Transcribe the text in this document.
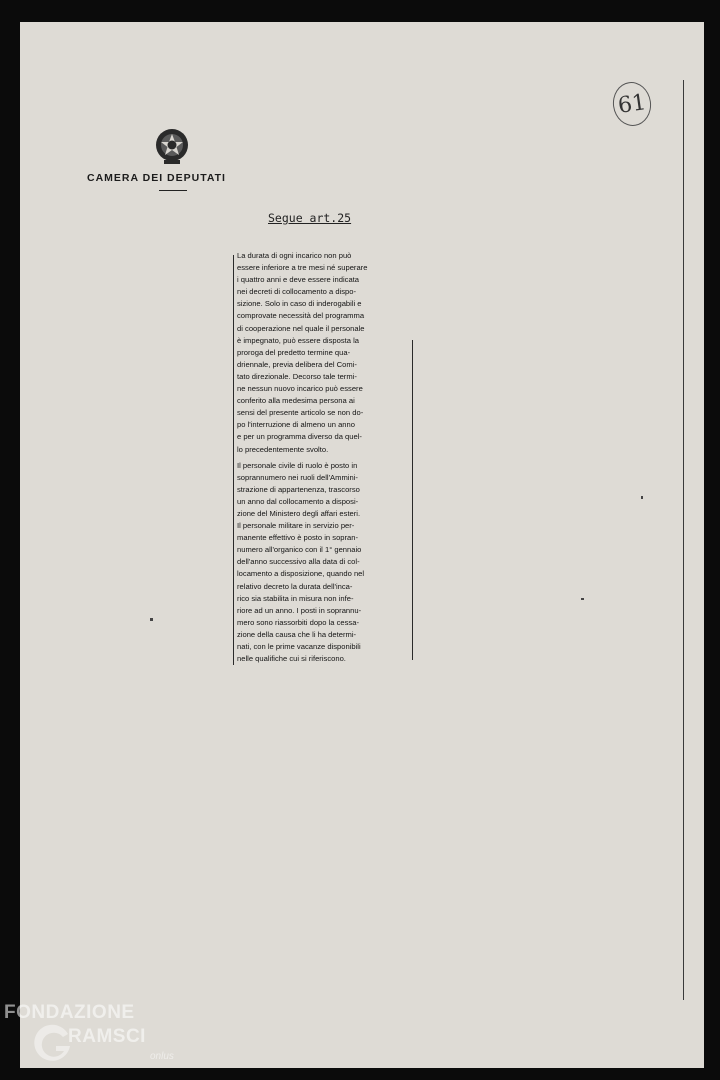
61
CAMERA DEI DEPUTATI
Segue art.25

La durata di ogni incarico non può
essere inferiore a tre mesi né superare
i quattro anni e deve essere indicata
nei decreti di collocamento a dispo-
sizione. Solo in caso di inderogabili e
comprovate necessità del programma
di cooperazione nel quale il personale
è impegnato, può essere disposta la
proroga del predetto termine qua-
driennale, previa delibera del Comi-
tato direzionale. Decorso tale termi-
ne nessun nuovo incarico può essere
conferito alla medesima persona ai
sensi del presente articolo se non do-
po l'interruzione di almeno un anno
e per un programma diverso da quel-
lo precedentemente svolto.

Il personale civile di ruolo è posto in
soprannumero nei ruoli dell'Ammini-
strazione di appartenenza, trascorso
un anno dal collocamento a disposi-
zione del Ministero degli affari esteri.
Il personale militare in servizio per-
manente effettivo è posto in sopran-
numero all'organico con il 1° gennaio
dell'anno successivo alla data di col-
locamento a disposizione, quando nel
relativo decreto la durata dell'inca-
rico sia stabilita in misura non infe-
riore ad un anno. I posti in soprannu-
mero sono riassorbiti dopo la cessa-
zione della causa che li ha determi-
nati, con le prime vacanze disponibili
nelle qualifiche cui si riferiscono.

FONDAZIONE
RAMSCI
onlus
